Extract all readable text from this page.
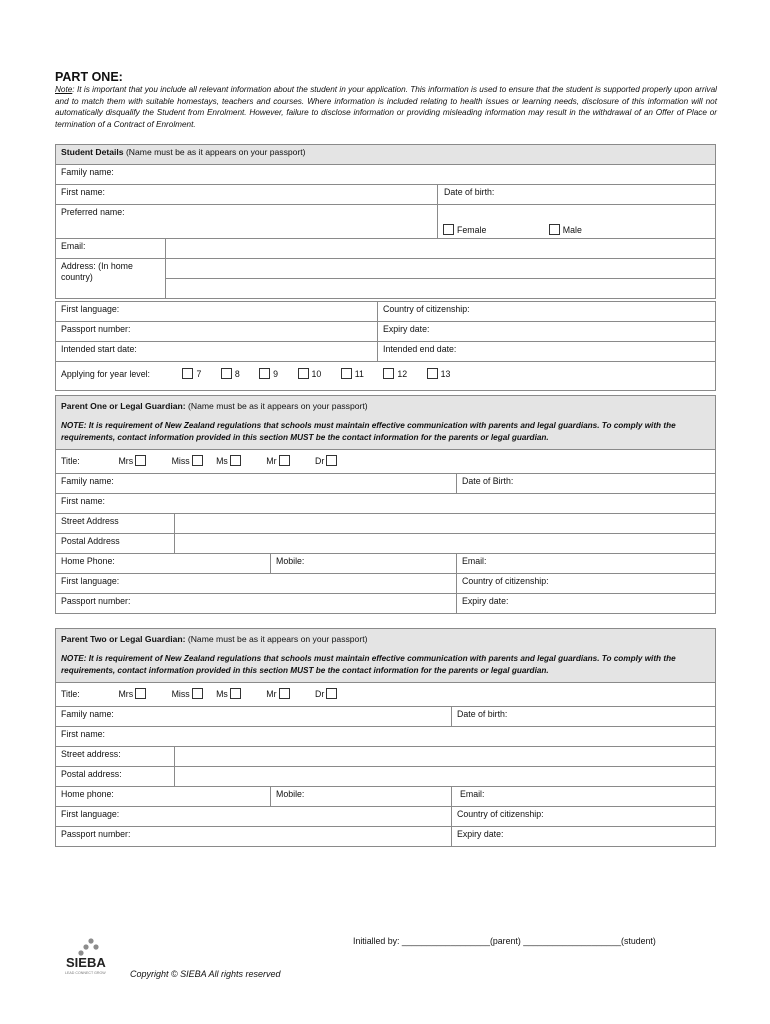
PART ONE:
Note: It is important that you include all relevant information about the student in your application. This information is used to ensure that the student is supported properly upon arrival and to match them with suitable homestays, teachers and courses. Where information is included relating to health issues or learning needs, disclosure of this information will not automatically disqualify the Student from Enrolment. However, failure to disclose information or providing misleading information may result in the withdrawal of an Offer of Place or termination of a Contract of Enrolment.
Student Details (Name must be as it appears on your passport)			
Family name:			
First name:			Date of birth:
Preferred name:			Female Male
Email:			
Address: (In home country)			

First language:		Country of citizenship:	
Passport number:		Expiry date:	
Intended start date:		Intended end date:	
Applying for year level: 7 8 9 10 11 12 13			
Parent One or Legal Guardian: (Name must be as it appears on your passport)
NOTE: It is requirement of New Zealand regulations that schools must maintain effective communication with parents and legal guardians. To comply with the requirements, contact information provided in this section MUST be the contact information for the parents or legal guardian.			

Title: Mrs Miss Ms Mr Dr			
Family name:			Date of Birth:
First name:			
Street Address			
Postal Address			
Home Phone:		Mobile:	Email:
First language:			Country of citizenship:
Passport number:			Expiry date:
Parent Two or Legal Guardian: (Name must be as it appears on your passport)
NOTE: It is requirement of New Zealand regulations that schools must maintain effective communication with parents and legal guardians. To comply with the requirements, contact information provided in this section MUST be the contact information for the parents or legal guardian.			

Title: Mrs Miss Ms Mr Dr			
Family name:			Date of birth:
First name:			
Street address:			
Postal address:			
Home phone:		Mobile:	Email:
First language:			Country of citizenship:
Passport number:			Expiry date:
Initialled by: __________________(parent) ____________________(student)
SIEBA
LEAD CONNECT GROW	Copyright © SIEBA All rights reserved
